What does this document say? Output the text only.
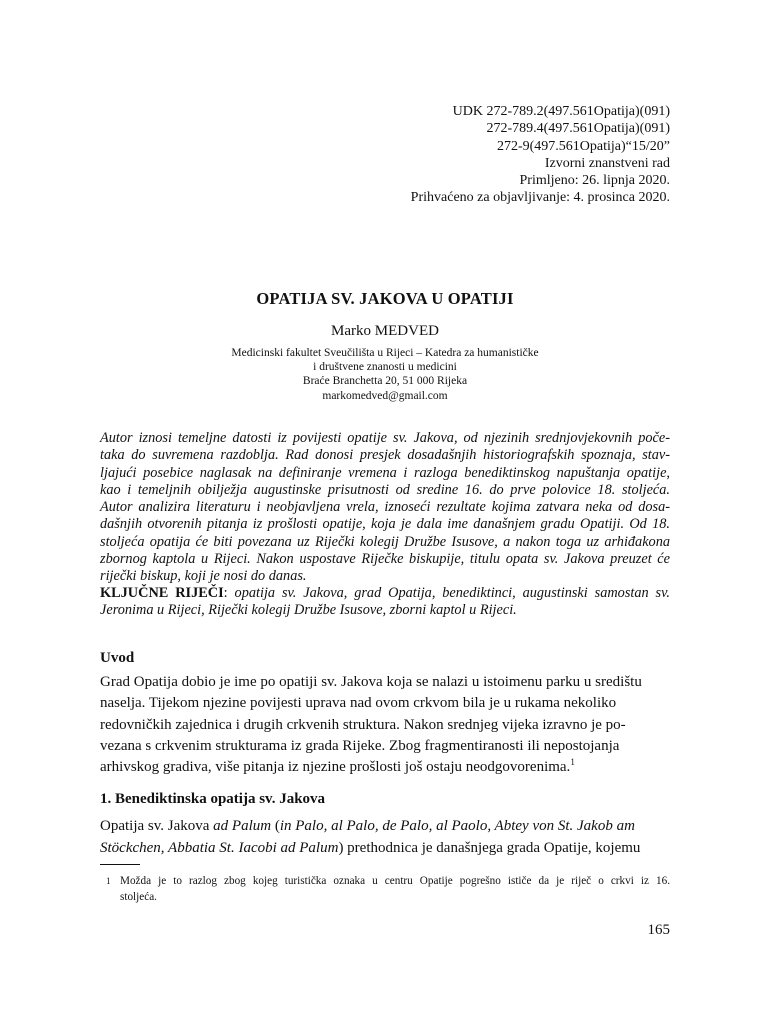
UDK 272-789.2(497.561Opatija)(091)
272-789.4(497.561Opatija)(091)
272-9(497.561Opatija)“15/20”
Izvorni znanstveni rad
Primljeno: 26. lipnja 2020.
Prihvaćeno za objavljivanje: 4. prosinca 2020.
OPATIJA SV. JAKOVA U OPATIJI
Marko MEDVED
Medicinski fakultet Sveučilišta u Rijeci – Katedra za humanističke
i društvene znanosti u medicini
Braće Branchetta 20, 51 000 Rijeka
markomedved@gmail.com
Autor iznosi temeljne datosti iz povijesti opatije sv. Jakova, od njezinih srednjovjekovnih poče-
taka do suvremena razdoblja. Rad donosi presjek dosadašnjih historiografskih spoznaja, stav-
ljajući posebice naglasak na definiranje vremena i razloga benediktinskog napuštanja opatije,
kao i temeljnih obilježja augustinske prisutnosti od sredine 16. do prve polovice 18. stoljeća.
Autor analizira literaturu i neobjavljena vrela, iznoseći rezultate kojima zatvara neka od dosa-
dašnjih otvorenih pitanja iz prošlosti opatije, koja je dala ime današnjem gradu Opatiji. Od 18.
stoljeća opatija će biti povezana uz Riječki kolegij Družbe Isusove, a nakon toga uz arhiđakona
zbornog kaptola u Rijeci. Nakon uspostave Riječke biskupije, titulu opata sv. Jakova preuzet će
riječki biskup, koji je nosi do danas.
KLJUČNE RIJEČI: opatija sv. Jakova, grad Opatija, benediktinci, augustinski samostan sv.
Jeronima u Rijeci, Riječki kolegij Družbe Isusove, zborni kaptol u Rijeci.
Uvod
Grad Opatija dobio je ime po opatiji sv. Jakova koja se nalazi u istoimenu parku u središtu
naselja. Tijekom njezine povijesti uprava nad ovom crkvom bila je u rukama nekoliko
redovničkih zajednica i drugih crkvenih struktura. Nakon srednjeg vijeka izravno je po-
vezana s crkvenim strukturama iz grada Rijeke. Zbog fragmentiranosti ili nepostojanja
arhivskog gradiva, više pitanja iz njezine prošlosti još ostaju neodgovorenima.$^1$
1. Benediktinska opatija sv. Jakova
Opatija sv. Jakova ad Palum (in Palo, al Palo, de Palo, al Paolo, Abtey von St. Jakob am
Stöckchen, Abbatia St. Iacobi ad Palum) prethodnica je današnjega grada Opatije, kojemu
1 Možda je to razlog zbog kojeg turistička oznaka u centru Opatije pogrešno ističe da je riječ o crkvi iz 16.
stoljeća.
165
